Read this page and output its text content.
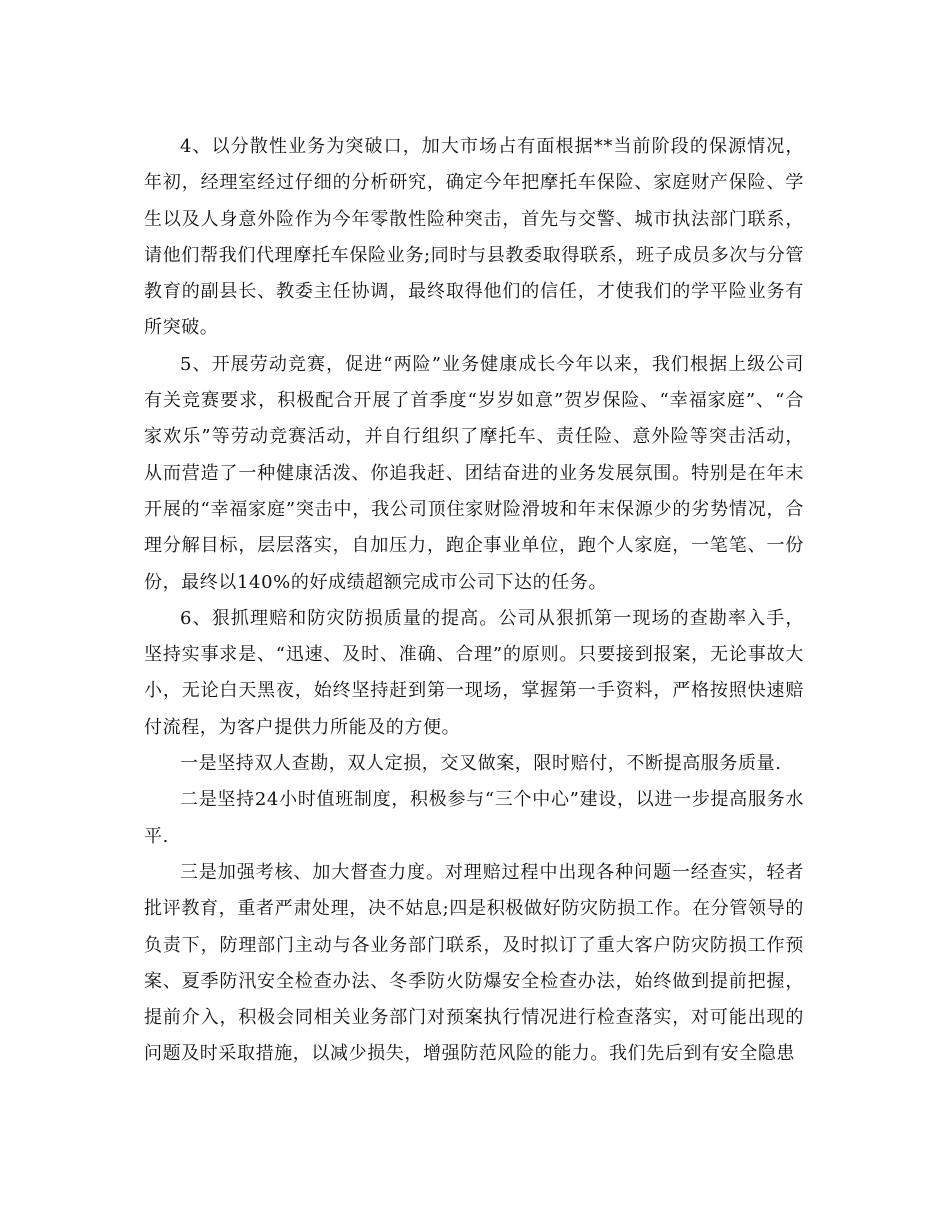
4、以分散性业务为突破口，加大市场占有面根据**当前阶段的保源情况，年初，经理室经过仔细的分析研究，确定今年把摩托车保险、家庭财产保险、学生以及人身意外险作为今年零散性险种突击，首先与交警、城市执法部门联系，请他们帮我们代理摩托车保险业务;同时与县教委取得联系，班子成员多次与分管教育的副县长、教委主任协调，最终取得他们的信任，才使我们的学平险业务有所突破。

5、开展劳动竞赛，促进“两险”业务健康成长今年以来，我们根据上级公司有关竞赛要求，积极配合开展了首季度“岁岁如意”贺岁保险、“幸福家庭”、“合家欢乐”等劳动竞赛活动，并自行组织了摩托车、责任险、意外险等突击活动，从而营造了一种健康活泼、你追我赶、团结奋进的业务发展氛围。特别是在年末开展的“幸福家庭”突击中，我公司顶住家财险滑坡和年末保源少的劣势情况，合理分解目标，层层落实，自加压力，跑企事业单位，跑个人家庭，一笔笔、一份份，最终以140%的好成绩超额完成市公司下达的任务。

6、狠抓理赔和防灾防损质量的提高。公司从狠抓第一现场的查勘率入手，坚持实事求是、“迅速、及时、准确、合理”的原则。只要接到报案，无论事故大小，无论白天黑夜，始终坚持赶到第一现场，掌握第一手资料，严格按照快速赔付流程，为客户提供力所能及的方便。

一是坚持双人查勘，双人定损，交叉做案，限时赔付，不断提高服务质量.

二是坚持24小时值班制度，积极参与“三个中心”建设，以进一步提高服务水平.

三是加强考核、加大督查力度。对理赔过程中出现各种问题一经查实，轻者批评教育，重者严肃处理，决不姑息;四是积极做好防灾防损工作。在分管领导的负责下，防理部门主动与各业务部门联系，及时拟订了重大客户防灾防损工作预案、夏季防汛安全检查办法、冬季防火防爆安全检查办法，始终做到提前把握，提前介入，积极会同相关业务部门对预案执行情况进行检查落实，对可能出现的问题及时采取措施，以减少损失，增强防范风险的能力。我们先后到有安全隐患
